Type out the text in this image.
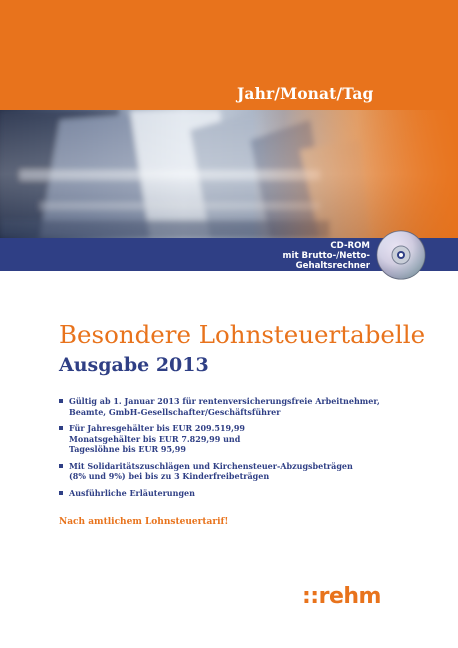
Jahr/Monat/Tag
CD-ROM
mit Brutto-/Netto-
Gehaltsrechner
Besondere Lohnsteuertabelle
Ausgabe 2013
Gültig ab 1. Januar 2013 für rentenversicherungsfreie Arbeitnehmer,
Beamte, GmbH-Gesellschafter/Geschäftsführer
Für Jahresgehälter bis EUR 209.519,99
Monatsgehälter bis EUR 7.829,99 und
Tageslöhne bis EUR 95,99
Mit Solidaritätszuschlägen und Kirchensteuer-Abzugsbeträgen
(8% und 9%) bei bis zu 3 Kinderfreibeträgen
Ausführliche Erläuterungen
Nach amtlichem Lohnsteuertarif!
::rehm
